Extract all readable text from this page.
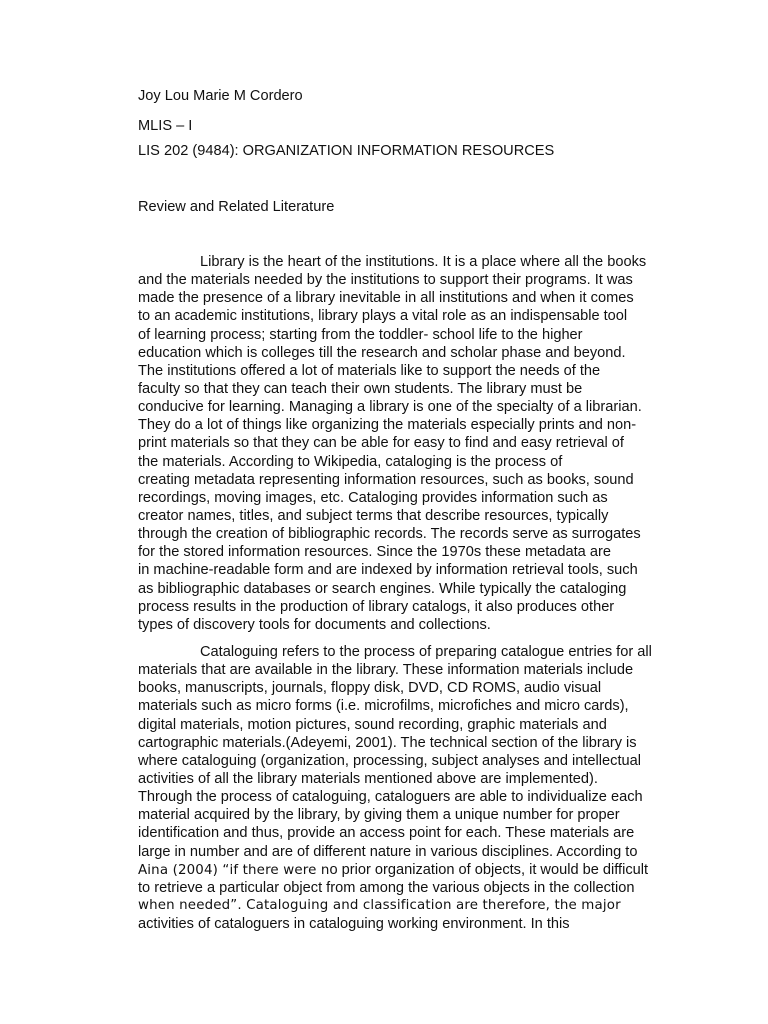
Joy Lou Marie M Cordero
MLIS – I
LIS 202 (9484): ORGANIZATION INFORMATION RESOURCES
Review and Related Literature
Library is the heart of the institutions. It is a place where all the books
and the materials needed by the institutions to support their programs. It was
made the presence of a library inevitable in all institutions and when it comes
to an academic institutions, library plays a vital role as an indispensable tool
of learning process; starting from the toddler- school life to the higher
education which is colleges till the research and scholar phase and beyond.
The institutions offered a lot of materials like to support the needs of the
faculty so that they can teach their own students. The library must be
conducive for learning. Managing a library is one of the specialty of a librarian.
They do a lot of things like organizing the materials especially prints and non-
print materials so that they can be able for easy to find and easy retrieval of
the materials. According to Wikipedia, cataloging is the process of
creating metadata representing information resources, such as books, sound
recordings, moving images, etc. Cataloging provides information such as
creator names, titles, and subject terms that describe resources, typically
through the creation of bibliographic records. The records serve as surrogates
for the stored information resources. Since the 1970s these metadata are
in machine-readable form and are indexed by information retrieval tools, such
as bibliographic databases or search engines. While typically the cataloging
process results in the production of library catalogs, it also produces other
types of discovery tools for documents and collections.
Cataloguing refers to the process of preparing catalogue entries for all
materials that are available in the library. These information materials include
books, manuscripts, journals, floppy disk, DVD, CD ROMS, audio visual
materials such as micro forms (i.e. microfilms, microfiches and micro cards),
digital materials, motion pictures, sound recording, graphic materials and
cartographic materials.(Adeyemi, 2001). The technical section of the library is
where cataloguing (organization, processing, subject analyses and intellectual
activities of all the library materials mentioned above are implemented).
Through the process of cataloguing, cataloguers are able to individualize each
material acquired by the library, by giving them a unique number for proper
identification and thus, provide an access point for each. These materials are
large in number and are of different nature in various disciplines. According to
Aina (2004) “if there were no prior organization of objects, it would be difficult
to retrieve a particular object from among the various objects in the collection
when needed”. Cataloguing and classification are therefore, the major
activities of cataloguers in cataloguing working environment. In this
